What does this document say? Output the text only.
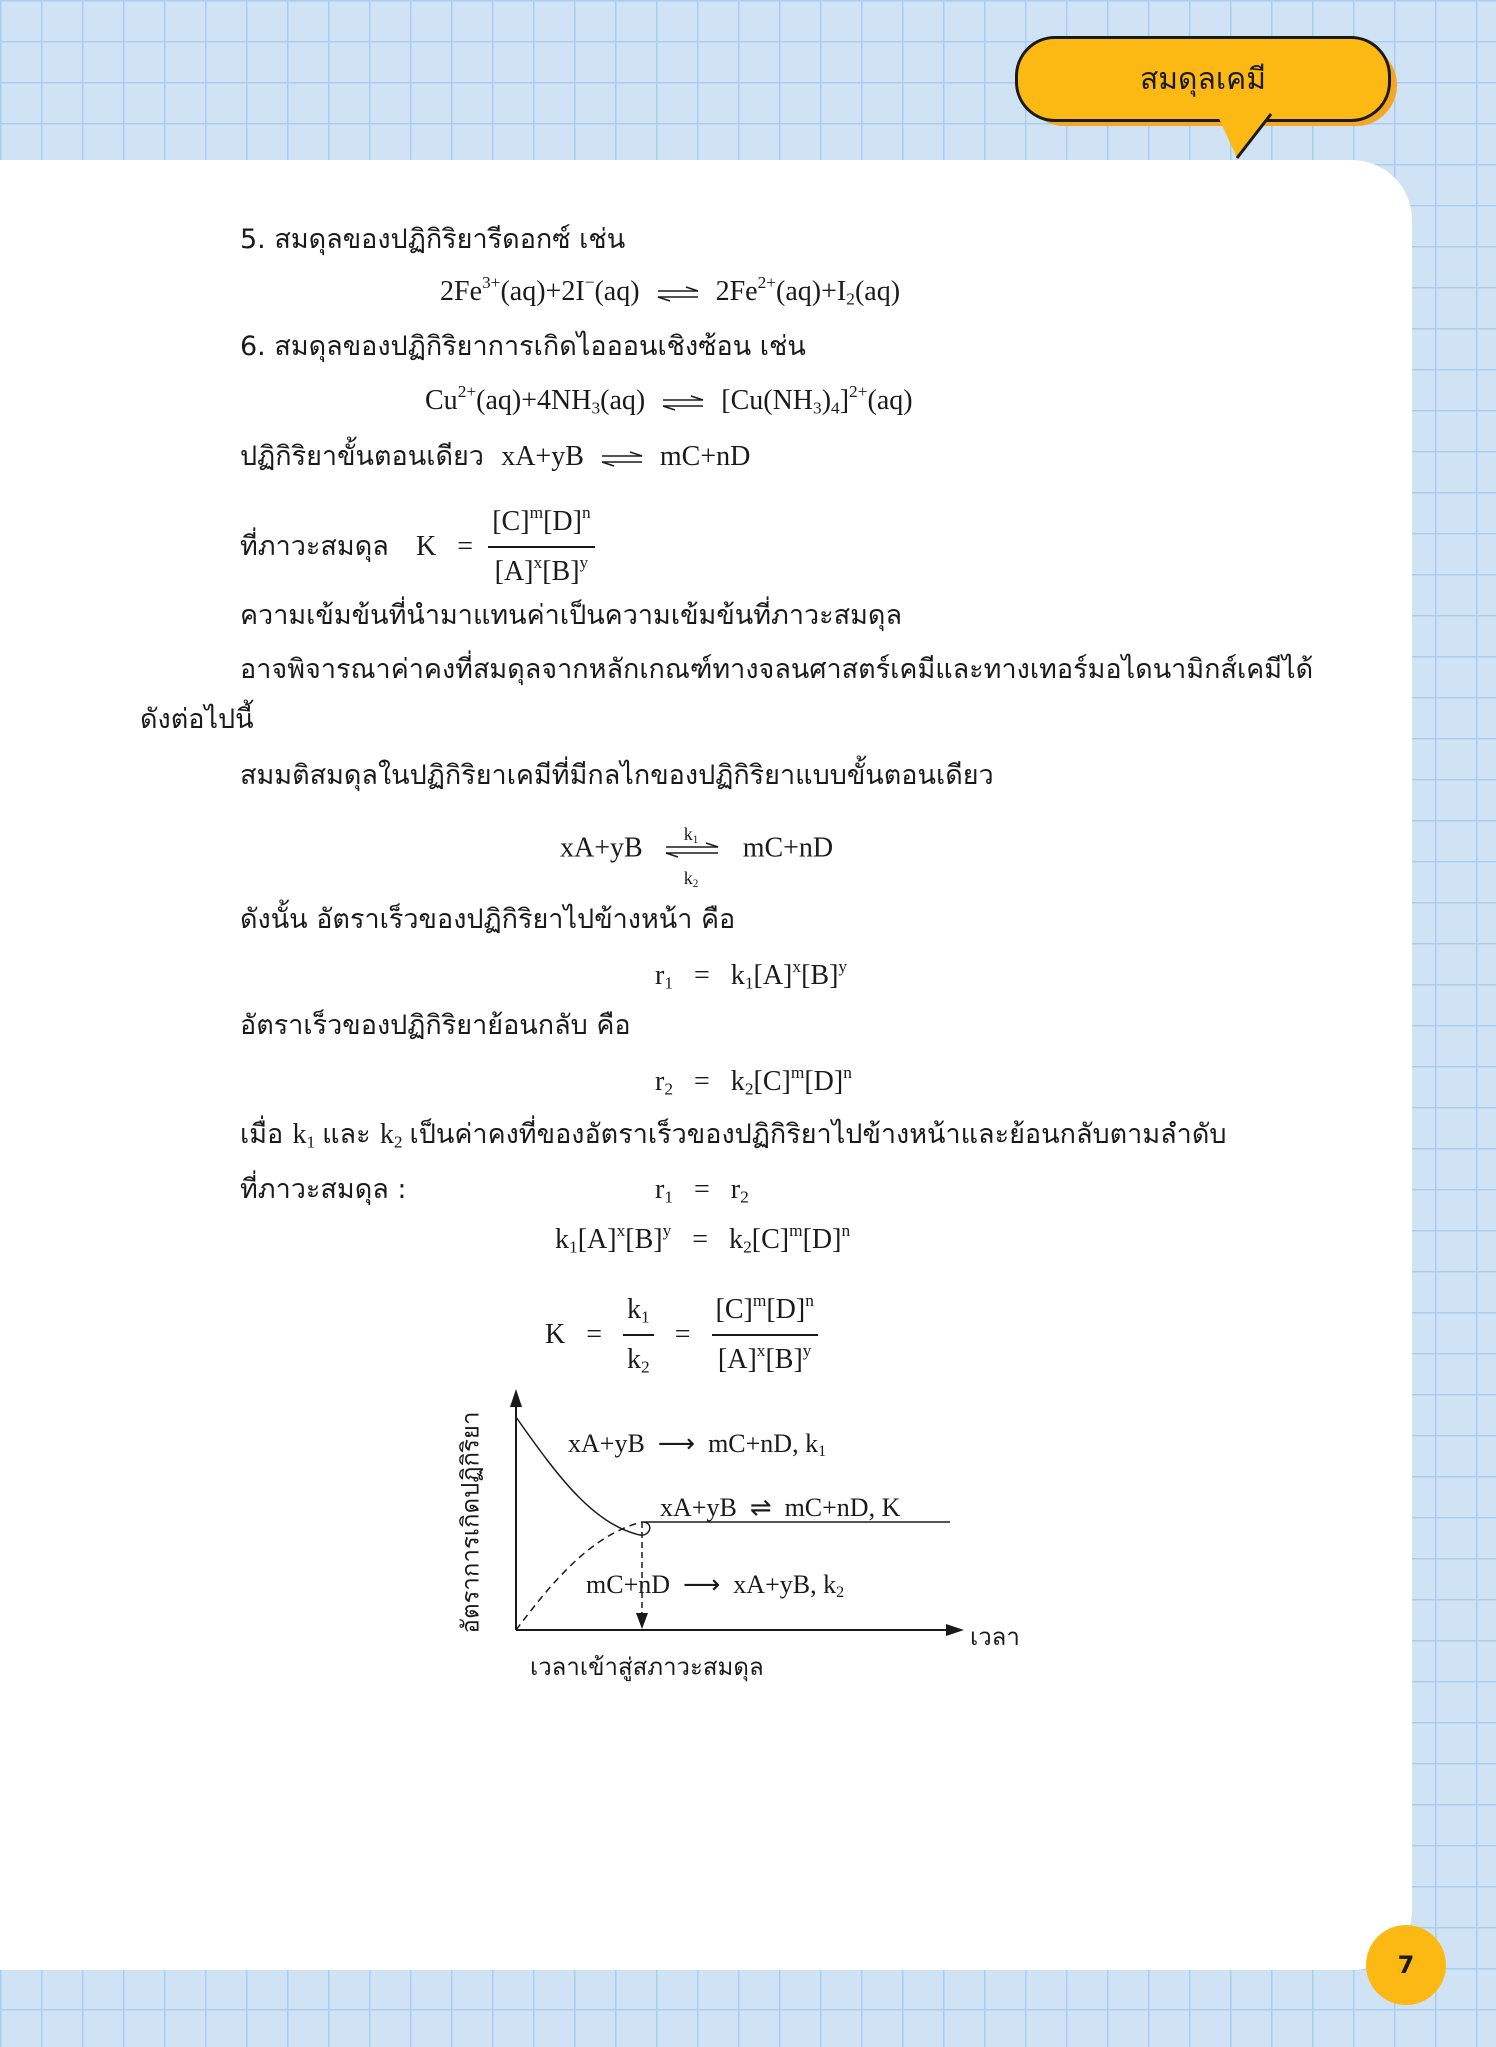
สมดุลเคมี
5. สมดุลของปฏิกิริยารีดอกซ์ เช่น
$2Fe^{3+}(aq)+2I^-(aq)$ ⇌ $2Fe^{2+}(aq)+I_2(aq)$
6. สมดุลของปฏิกิริยาการเกิดไอออนเชิงซ้อน เช่น
$Cu^{2+}(aq)+4NH_3(aq)$ ⇌ $[Cu(NH_3)_4]^{2+}(aq)$
ปฏิกิริยาขั้นตอนเดียว xA+yB ⇌ mC+nD
ที่ภาวะสมดุล $K = \frac{[C]^m[D]^n}{[A]^x[B]^y}$
ความเข้มข้นที่นำมาแทนค่าเป็นความเข้มข้นที่ภาวะสมดุล
อาจพิจารณาค่าคงที่สมดุลจากหลักเกณฑ์ทางจลนศาสตร์เคมีและทางเทอร์มอไดนามิกส์เคมีได้
ดังต่อไปนี้
สมมติสมดุลในปฏิกิริยาเคมีที่มีกลไกของปฏิกิริยาแบบขั้นตอนเดียว
xA+yB $k_1$
$k_2$
mC+nD
ดังนั้น อัตราเร็วของปฏิกิริยาไปข้างหน้า คือ
$r_1 = k_1[A]^x[B]^y$
อัตราเร็วของปฏิกิริยาย้อนกลับ คือ
$r_2 = k_2[C]^m[D]^n$
เมื่อ $k_1$ และ $k_2$ เป็นค่าคงที่ของอัตราเร็วของปฏิกิริยาไปข้างหน้าและย้อนกลับตามลำดับ
ที่ภาวะสมดุล :	$r_1 = r_2$
$k_1[A]^x[B]^y = k_2[C]^m[D]^n$
$K = \frac{k_1}{k_2} = \frac{[C]^m[D]^n}{[A]^x[B]^y}$
xA+yB  ⟶  mC+nD, $k_1$
xA+yB  ⇌  mC+nD, K
mC+nD  ⟶  xA+yB, $k_2$
เวลา
เวลาเข้าสู่สภาวะสมดุล
อัตราการเกิดปฏิกิริยา
7
